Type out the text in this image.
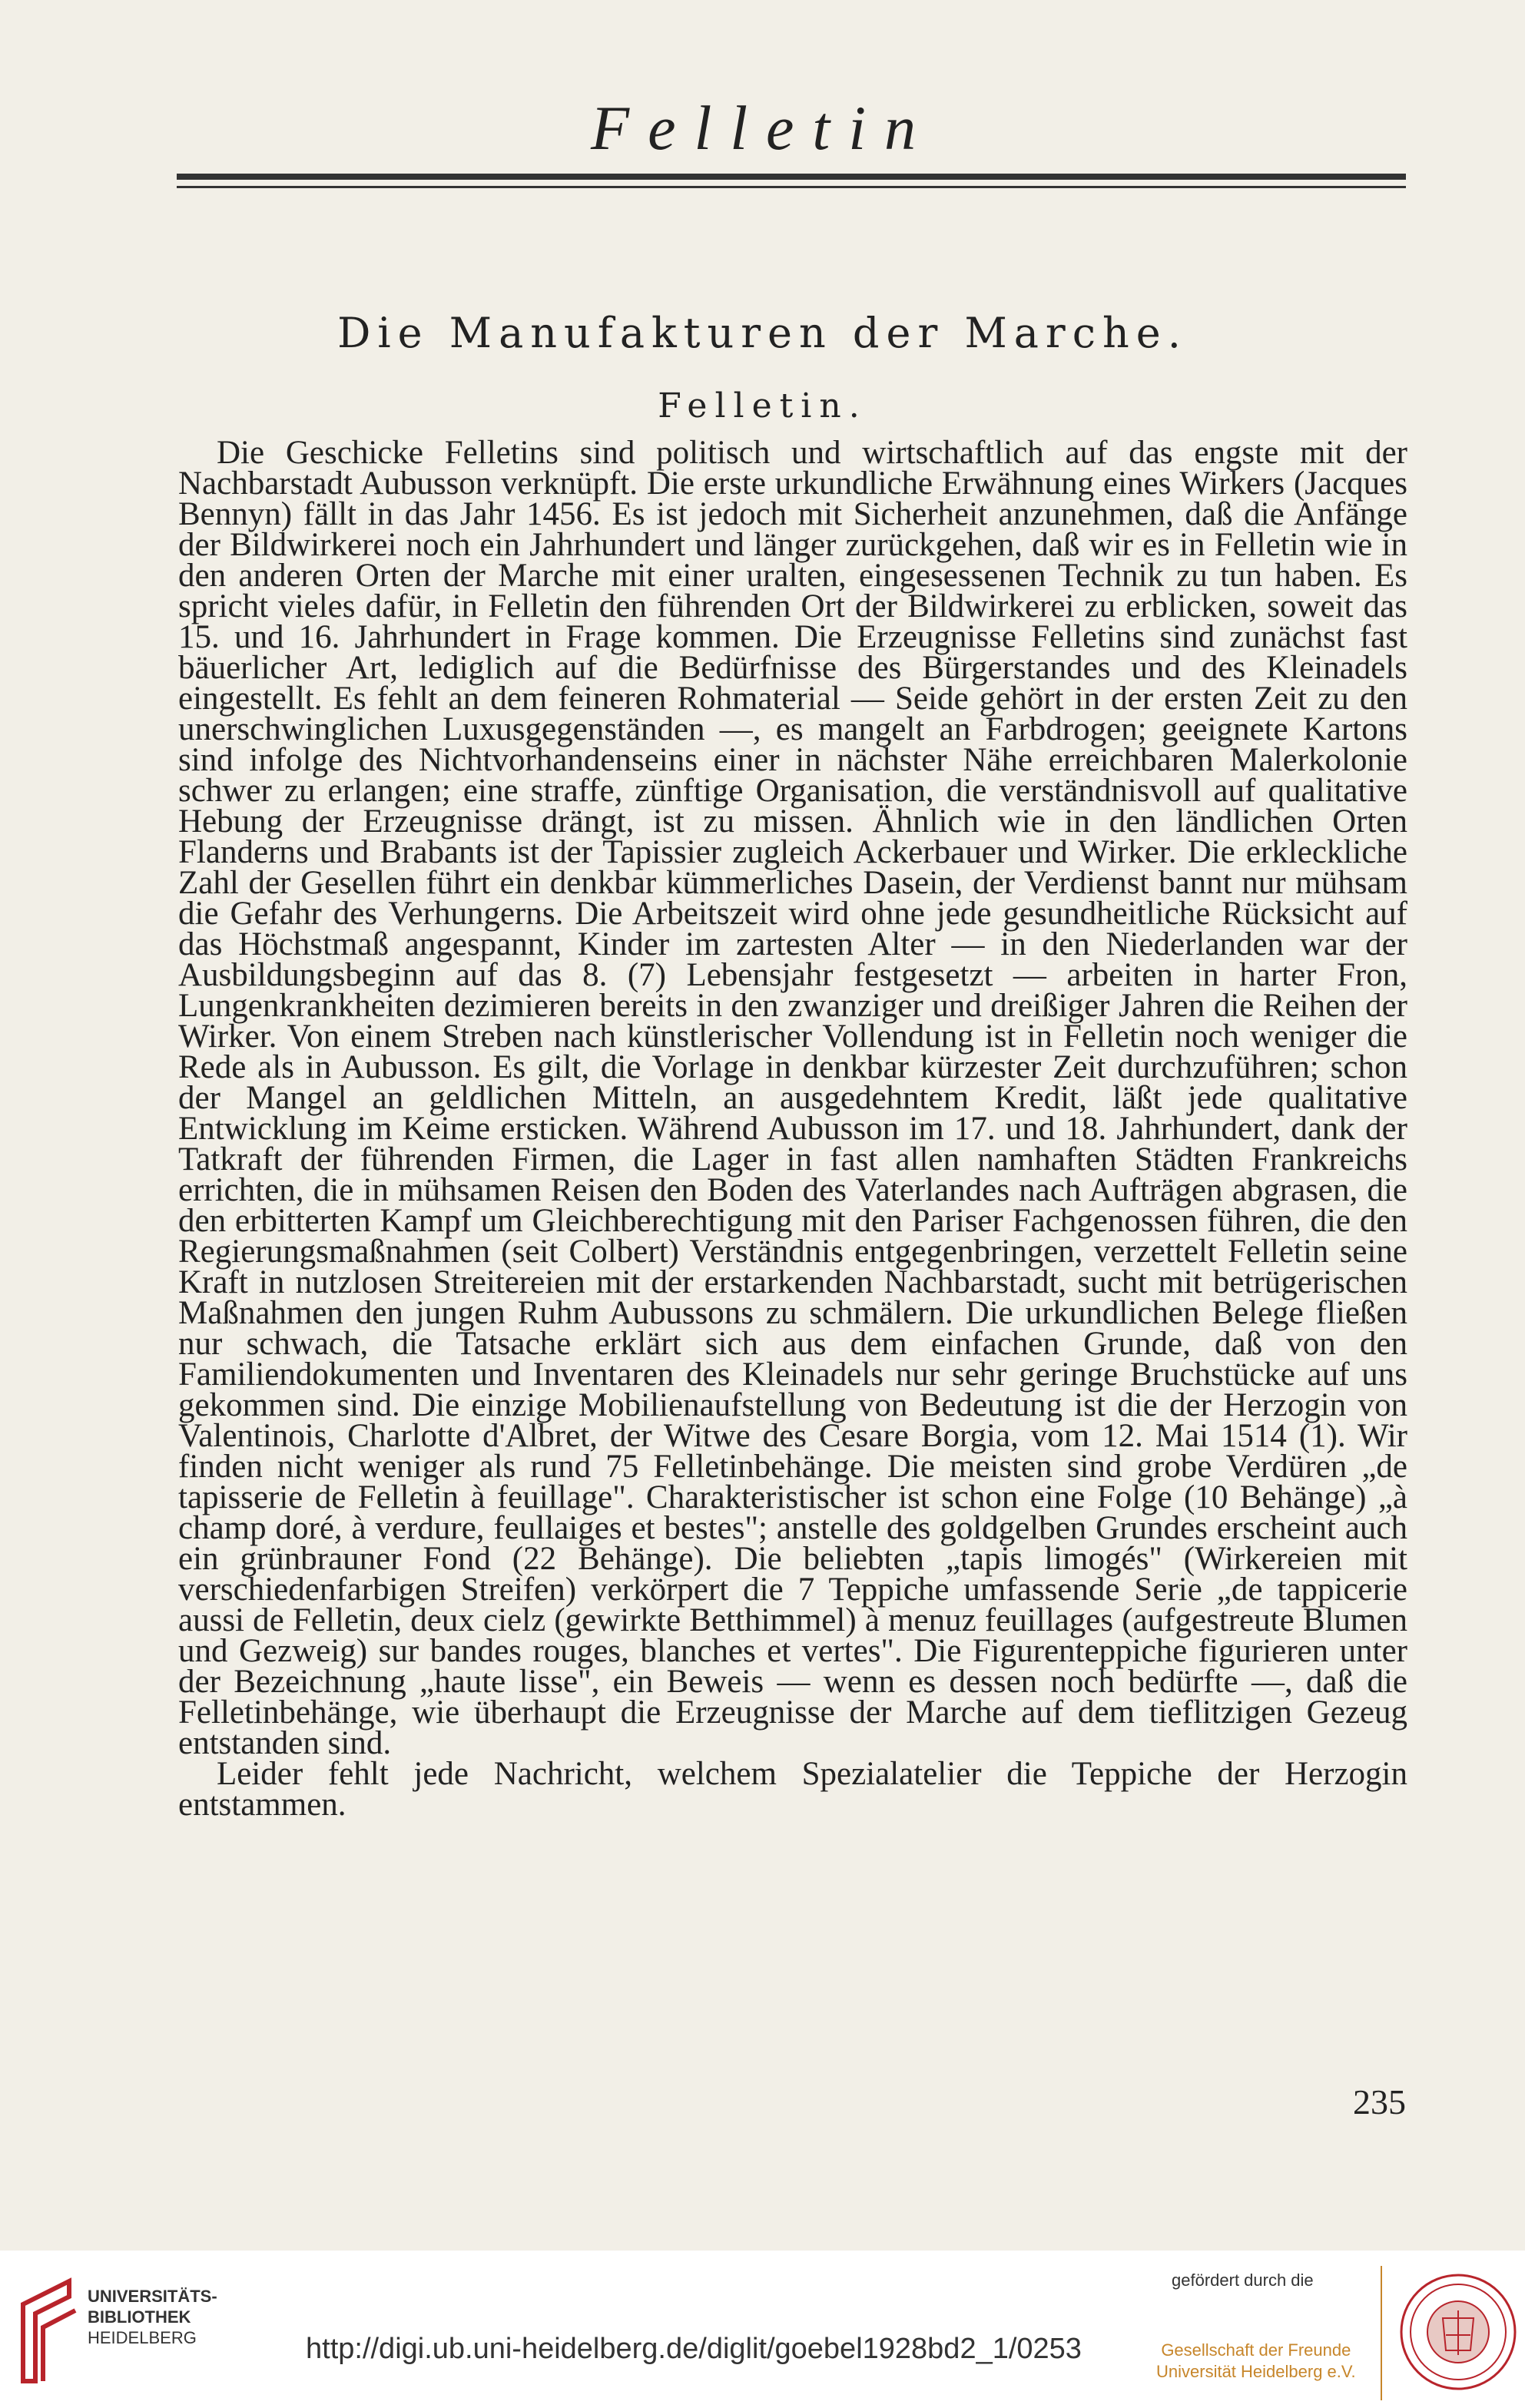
Felletin
Die Manufakturen der Marche.
Felletin.

Die Geschicke Felletins sind politisch und wirtschaftlich auf das engste mit der Nachbarstadt Aubusson verknüpft. Die erste urkundliche Erwähnung eines Wirkers (Jacques Bennyn) fällt in das Jahr 1456. Es ist jedoch mit Sicherheit anzunehmen, daß die Anfänge der Bildwirkerei noch ein Jahrhundert und länger zurückgehen, daß wir es in Felletin wie in den anderen Orten der Marche mit einer uralten, eingesessenen Technik zu tun haben. Es spricht vieles dafür, in Felletin den führenden Ort der Bildwirkerei zu erblicken, soweit das 15. und 16. Jahrhundert in Frage kommen. Die Erzeugnisse Felletins sind zunächst fast bäuerlicher Art, lediglich auf die Bedürfnisse des Bürgerstandes und des Kleinadels eingestellt. Es fehlt an dem feineren Rohmaterial — Seide gehört in der ersten Zeit zu den unerschwinglichen Luxusgegenständen —, es mangelt an Farbdrogen; geeignete Kartons sind infolge des Nichtvorhandenseins einer in nächster Nähe erreichbaren Malerkolonie schwer zu erlangen; eine straffe, zünftige Organisation, die verständnisvoll auf qualitative Hebung der Erzeugnisse drängt, ist zu missen. Ähnlich wie in den ländlichen Orten Flanderns und Brabants ist der Tapissier zugleich Ackerbauer und Wirker. Die erkleckliche Zahl der Gesellen führt ein denkbar kümmerliches Dasein, der Verdienst bannt nur mühsam die Gefahr des Verhungerns. Die Arbeitszeit wird ohne jede gesundheitliche Rücksicht auf das Höchstmaß angespannt, Kinder im zartesten Alter — in den Niederlanden war der Ausbildungsbeginn auf das 8. (7) Lebensjahr festgesetzt — arbeiten in harter Fron, Lungenkrankheiten dezimieren bereits in den zwanziger und dreißiger Jahren die Reihen der Wirker. Von einem Streben nach künstlerischer Vollendung ist in Felletin noch weniger die Rede als in Aubusson. Es gilt, die Vorlage in denkbar kürzester Zeit durchzuführen; schon der Mangel an geldlichen Mitteln, an ausgedehntem Kredit, läßt jede qualitative Entwicklung im Keime ersticken. Während Aubusson im 17. und 18. Jahrhundert, dank der Tatkraft der führenden Firmen, die Lager in fast allen namhaften Städten Frankreichs errichten, die in mühsamen Reisen den Boden des Vaterlandes nach Aufträgen abgrasen, die den erbitterten Kampf um Gleichberechtigung mit den Pariser Fachgenossen führen, die den Regierungsmaßnahmen (seit Colbert) Verständnis entgegenbringen, verzettelt Felletin seine Kraft in nutzlosen Streitereien mit der erstarkenden Nachbarstadt, sucht mit betrügerischen Maßnahmen den jungen Ruhm Aubussons zu schmälern. Die urkundlichen Belege fließen nur schwach, die Tatsache erklärt sich aus dem einfachen Grunde, daß von den Familiendokumenten und Inventaren des Kleinadels nur sehr geringe Bruchstücke auf uns gekommen sind. Die einzige Mobilienaufstellung von Bedeutung ist die der Herzogin von Valentinois, Charlotte d'Albret, der Witwe des Cesare Borgia, vom 12. Mai 1514 (1). Wir finden nicht weniger als rund 75 Felletinbehänge. Die meisten sind grobe Verdüren „de tapisserie de Felletin à feuillage". Charakteristischer ist schon eine Folge (10 Behänge) „à champ doré, à verdure, feullaiges et bestes"; anstelle des goldgelben Grundes erscheint auch ein grünbrauner Fond (22 Behänge). Die beliebten „tapis limogés" (Wirkereien mit verschiedenfarbigen Streifen) verkörpert die 7 Teppiche umfassende Serie „de tappicerie aussi de Felletin, deux cielz (gewirkte Betthimmel) à menuz feuillages (aufgestreute Blumen und Gezweig) sur bandes rouges, blanches et vertes". Die Figurenteppiche figurieren unter der Bezeichnung „haute lisse", ein Beweis — wenn es dessen noch bedürfte —, daß die Felletinbehänge, wie überhaupt die Erzeugnisse der Marche auf dem tieflitzigen Gezeug entstanden sind.

Leider fehlt jede Nachricht, welchem Spezialatelier die Teppiche der Herzogin entstammen.

235
UNIVERSITÄTS-
BIBLIOTHEK
HEIDELBERG	http://digi.ub.uni-heidelberg.de/diglit/goebel1928bd2_1/0253
gefördert durch die
Gesellschaft der Freunde
Universität Heidelberg e.V.
